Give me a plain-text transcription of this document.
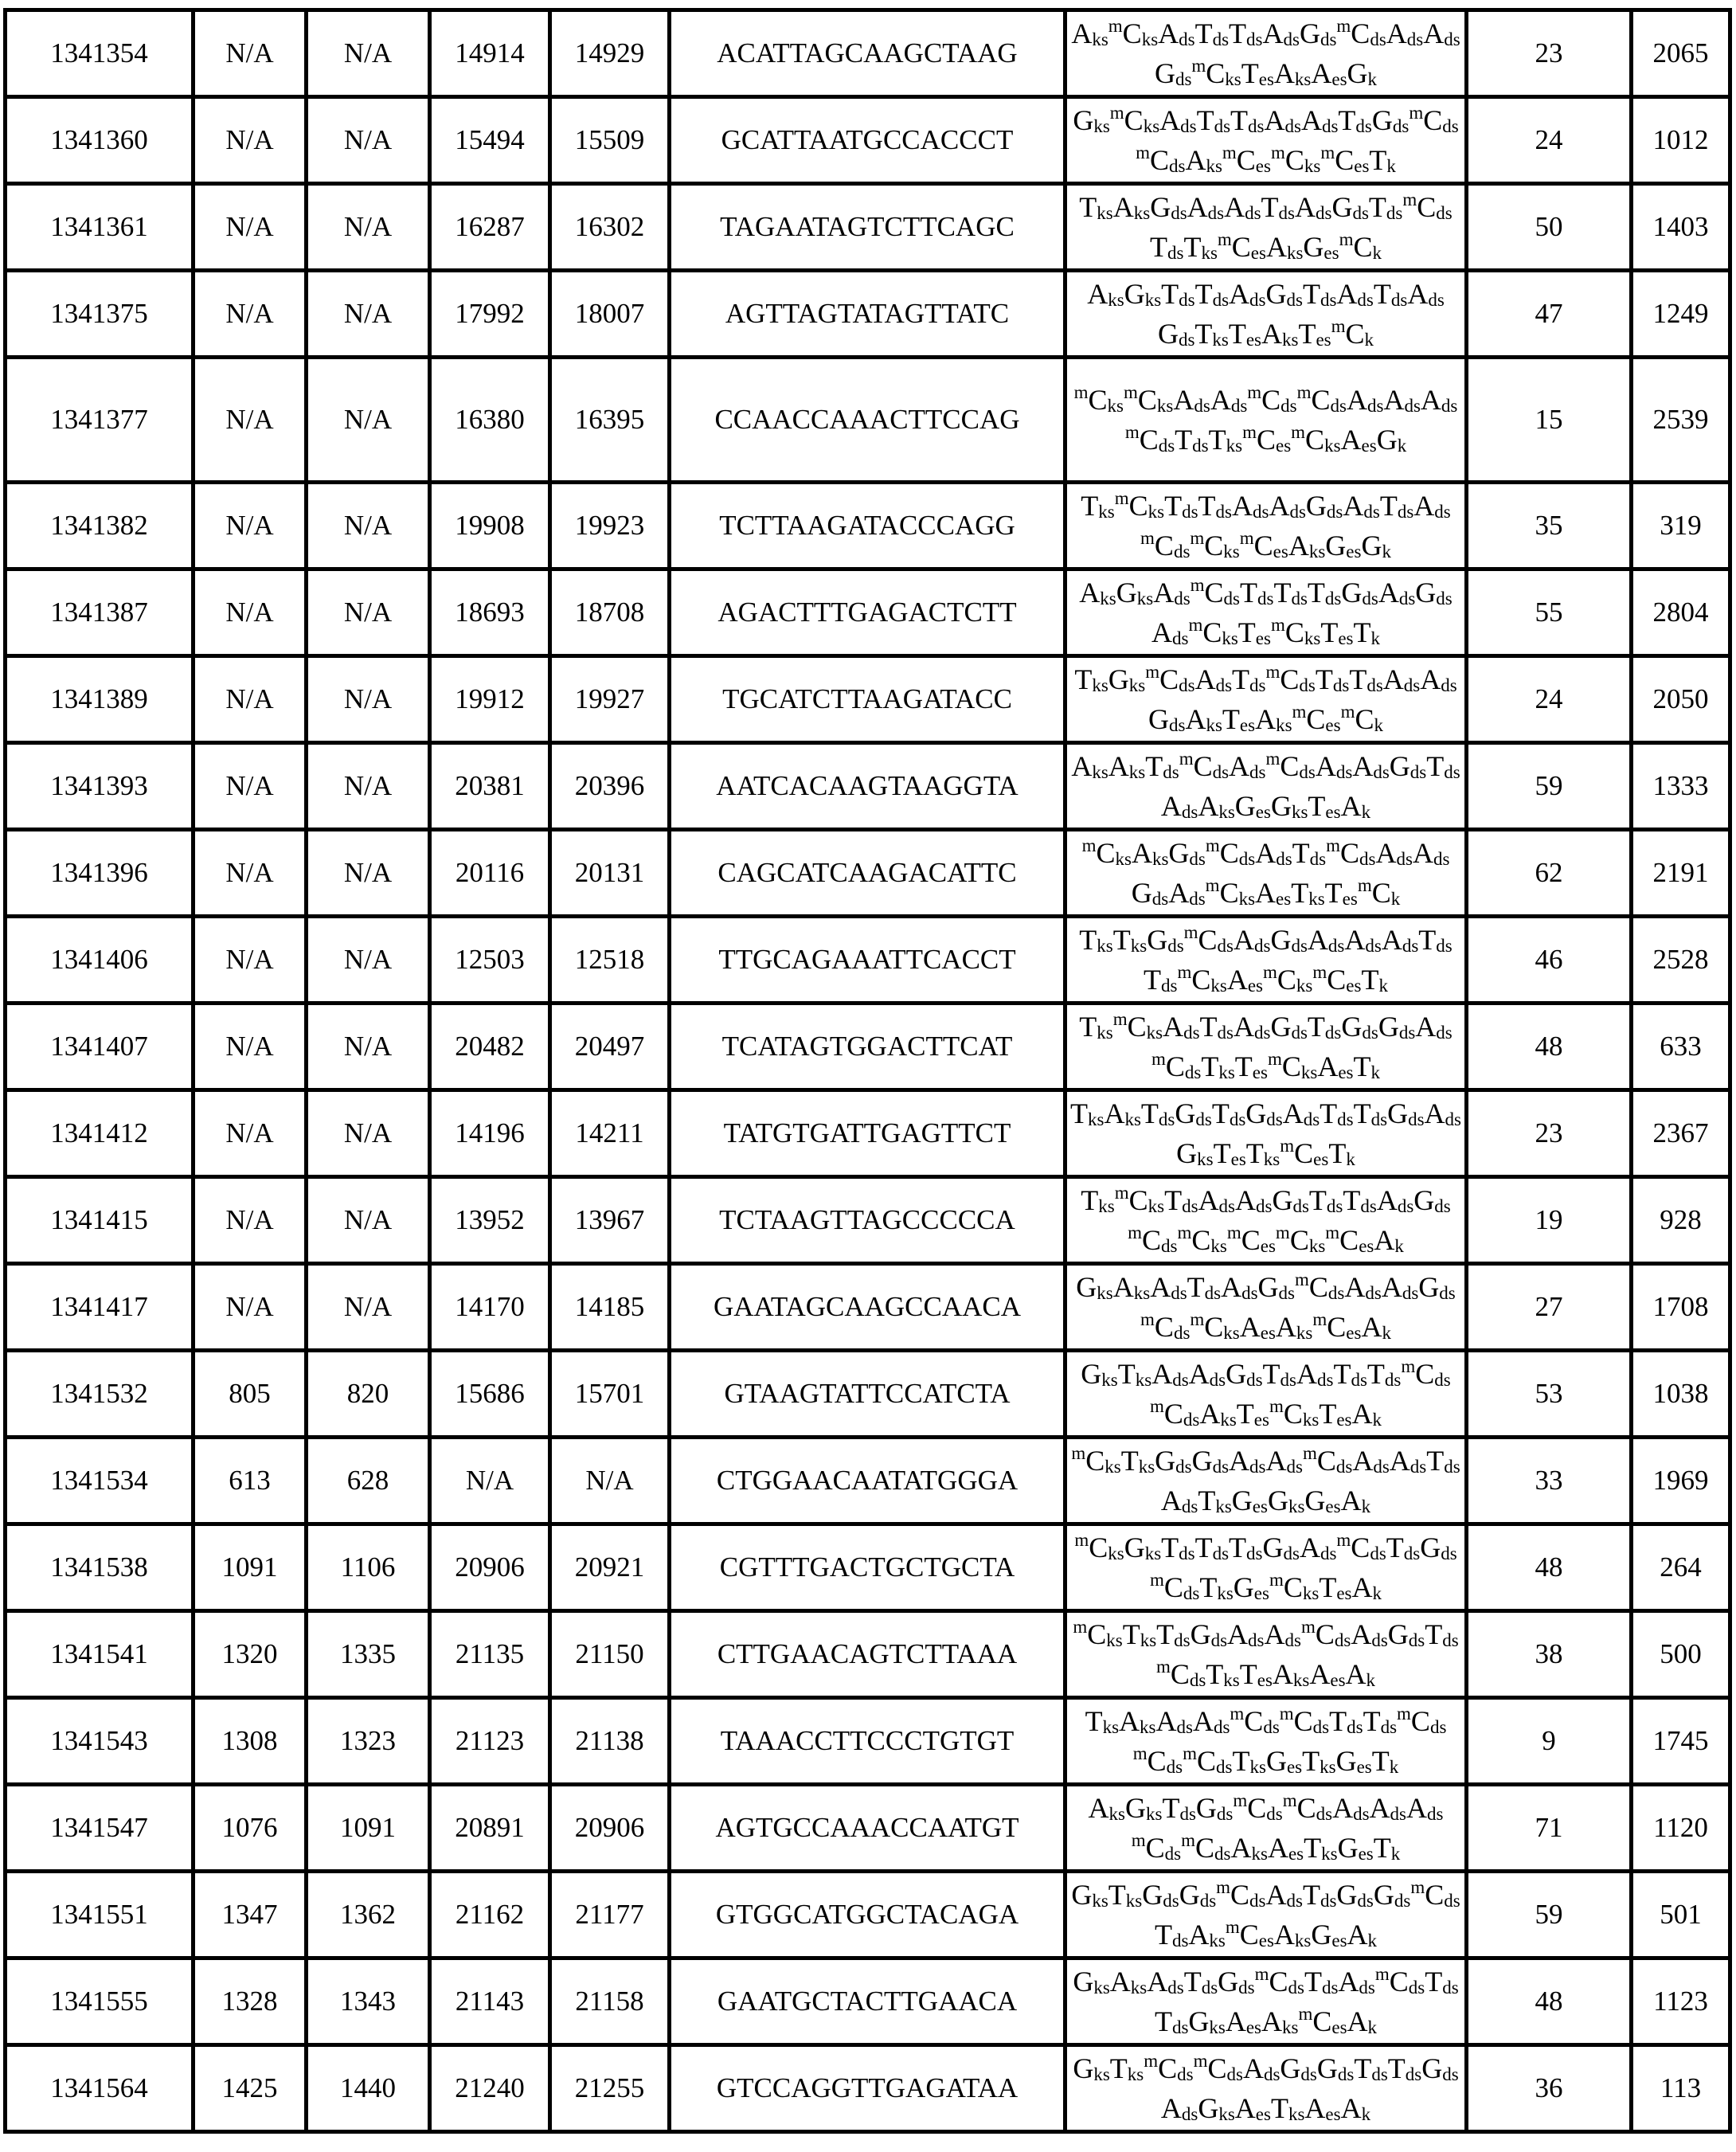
1341354	N/A	N/A	14914	14929	ACATTAGCAAGCTAAG	AksmCksAdsTdsTdsAdsGdsmCdsAdsAdsGdsmCksTesAksAesGk	23	2065
1341360	N/A	N/A	15494	15509	GCATTAATGCCACCCT	GksmCksAdsTdsTdsAdsAdsTdsGdsmCdsmCdsAksmCesmCksmCesTk	24	1012
1341361	N/A	N/A	16287	16302	TAGAATAGTCTTCAGC	TksAksGdsAdsAdsTdsAdsGdsTdsmCdsTdsTksmCesAksGesmCk	50	1403
1341375	N/A	N/A	17992	18007	AGTTAGTATAGTTATC	AksGksTdsTdsAdsGdsTdsAdsTdsAdsGdsTksTesAksTesmCk	47	1249
1341377	N/A	N/A	16380	16395	CCAACCAAACTTCCAG	mCksmCksAdsAdsmCdsmCdsAdsAdsAdsmCdsTdsTksmCesmCksAesGk	15	2539
1341382	N/A	N/A	19908	19923	TCTTAAGATACCCAGG	TksmCksTdsTdsAdsAdsGdsAdsTdsAdsmCdsmCksmCesAksGesGk	35	319
1341387	N/A	N/A	18693	18708	AGACTTTGAGACTCTT	AksGksAdsmCdsTdsTdsTdsGdsAdsGdsAdsmCksTesmCksTesTk	55	2804
1341389	N/A	N/A	19912	19927	TGCATCTTAAGATACC	TksGksmCdsAdsTdsmCdsTdsTdsAdsAdsGdsAksTesAksmCesmCk	24	2050
1341393	N/A	N/A	20381	20396	AATCACAAGTAAGGTA	AksAksTdsmCdsAdsmCdsAdsAdsGdsTdsAdsAksGesGksTesAk	59	1333
1341396	N/A	N/A	20116	20131	CAGCATCAAGACATTC	mCksAksGdsmCdsAdsTdsmCdsAdsAdsGdsAdsmCksAesTksTesmCk	62	2191
1341406	N/A	N/A	12503	12518	TTGCAGAAATTCACCT	TksTksGdsmCdsAdsGdsAdsAdsAdsTdsTdsmCksAesmCksmCesTk	46	2528
1341407	N/A	N/A	20482	20497	TCATAGTGGACTTCAT	TksmCksAdsTdsAdsGdsTdsGdsGdsAdsmCdsTksTesmCksAesTk	48	633
1341412	N/A	N/A	14196	14211	TATGTGATTGAGTTCT	TksAksTdsGdsTdsGdsAdsTdsTdsGdsAdsGksTesTksmCesTk	23	2367
1341415	N/A	N/A	13952	13967	TCTAAGTTAGCCCCCA	TksmCksTdsAdsAdsGdsTdsTdsAdsGdsmCdsmCksmCesmCksmCesAk	19	928
1341417	N/A	N/A	14170	14185	GAATAGCAAGCCAACA	GksAksAdsTdsAdsGdsmCdsAdsAdsGdsmCdsmCksAesAksmCesAk	27	1708
1341532	805	820	15686	15701	GTAAGTATTCCATCTA	GksTksAdsAdsGdsTdsAdsTdsTdsmCdsmCdsAksTesmCksTesAk	53	1038
1341534	613	628	N/A	N/A	CTGGAACAATATGGGA	mCksTksGdsGdsAdsAdsmCdsAdsAdsTdsAdsTksGesGksGesAk	33	1969
1341538	1091	1106	20906	20921	CGTTTGACTGCTGCTA	mCksGksTdsTdsTdsGdsAdsmCdsTdsGdsmCdsTksGesmCksTesAk	48	264
1341541	1320	1335	21135	21150	CTTGAACAGTCTTAAA	mCksTksTdsGdsAdsAdsmCdsAdsGdsTdsmCdsTksTesAksAesAk	38	500
1341543	1308	1323	21123	21138	TAAACCTTCCCTGTGT	TksAksAdsAdsmCdsmCdsTdsTdsmCdsmCdsmCdsTksGesTksGesTk	9	1745
1341547	1076	1091	20891	20906	AGTGCCAAACCAATGT	AksGksTdsGdsmCdsmCdsAdsAdsAdsmCdsmCdsAksAesTksGesTk	71	1120
1341551	1347	1362	21162	21177	GTGGCATGGCTACAGA	GksTksGdsGdsmCdsAdsTdsGdsGdsmCdsTdsAksmCesAksGesAk	59	501
1341555	1328	1343	21143	21158	GAATGCTACTTGAACA	GksAksAdsTdsGdsmCdsTdsAdsmCdsTdsTdsGksAesAksmCesAk	48	1123
1341564	1425	1440	21240	21255	GTCCAGGTTGAGATAA	GksTksmCdsmCdsAdsGdsGdsTdsTdsGdsAdsGksAesTksAesAk	36	113
